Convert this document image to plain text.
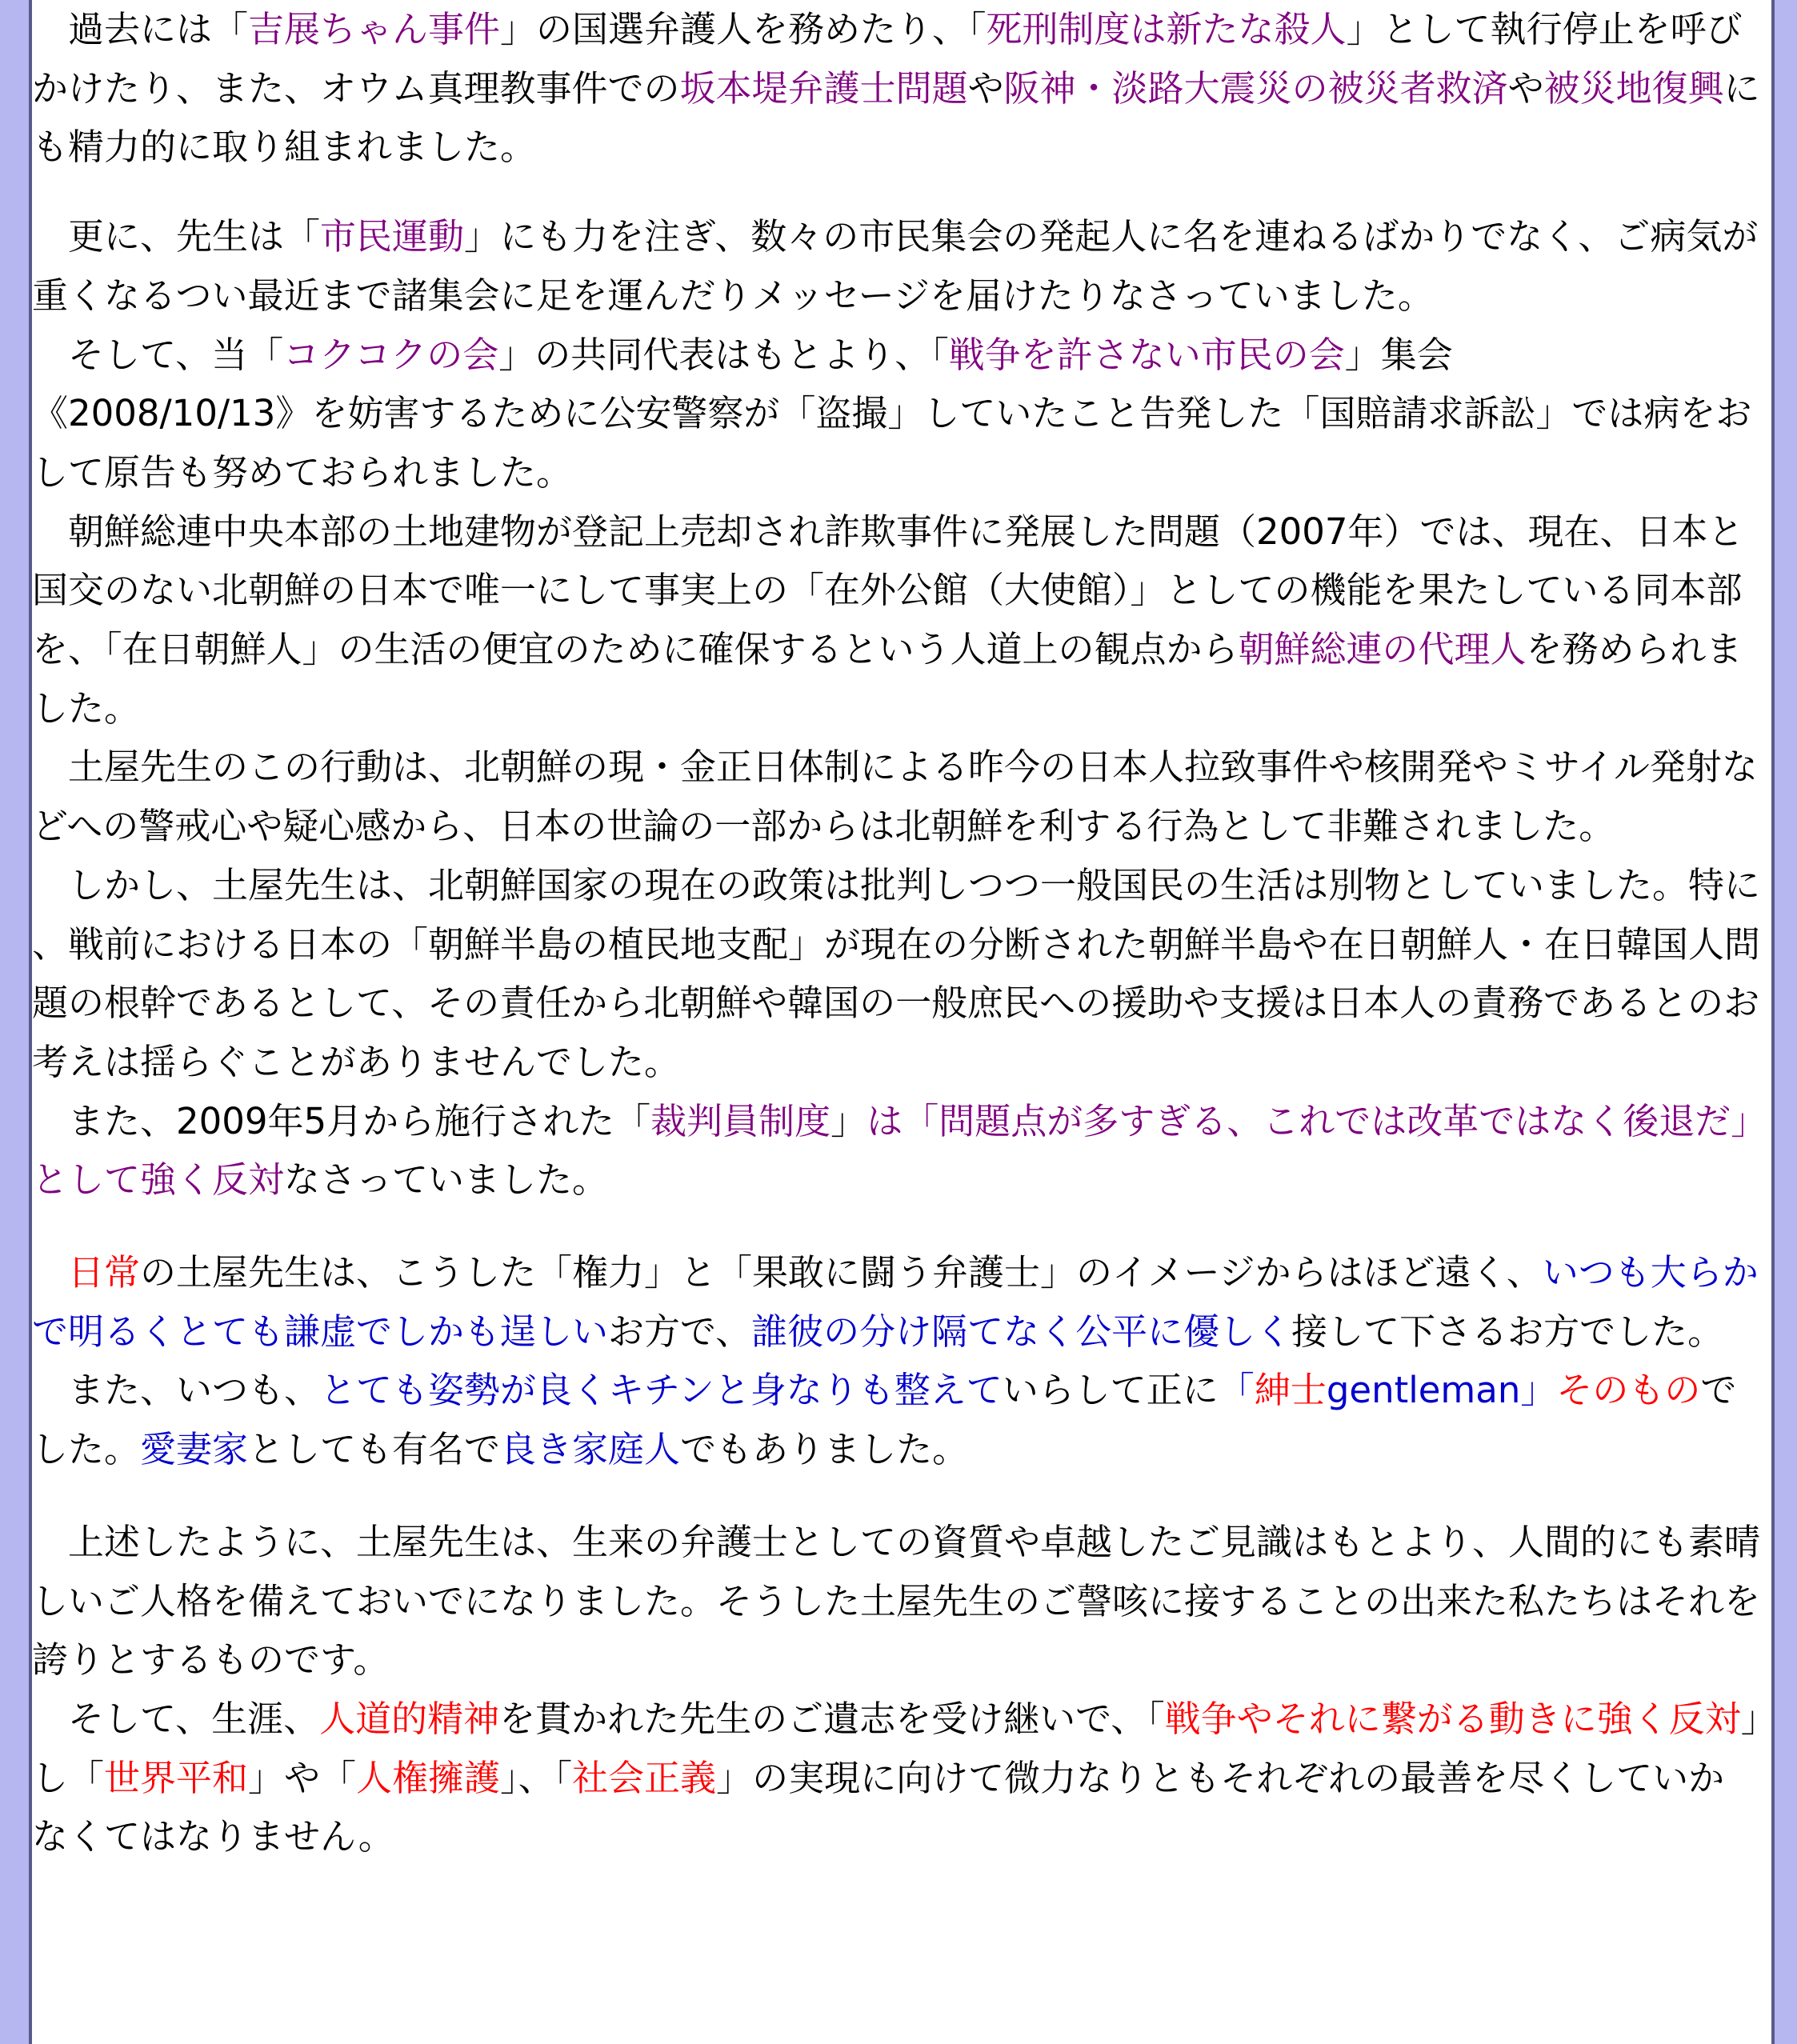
過去には「吉展ちゃん事件」の国選弁護人を務めたり、「死刑制度は新たな殺人」として執行停止を呼びかけたり、また、オウム真理教事件での坂本堤弁護士問題や阪神・淡路大震災の被災者救済や被災地復興にも精力的に取り組まれました。

更に、先生は「市民運動」にも力を注ぎ、数々の市民集会の発起人に名を連ねるばかりでなく、ご病気が重くなるつい最近まで諸集会に足を運んだりメッセージを届けたりなさっていました。

そして、当「コクコクの会」の共同代表はもとより、「戦争を許さない市民の会」集会
《2008/10/13》を妨害するために公安警察が「盗撮」していたこと告発した「国賠請求訴訟」では病をおして原告も努めておられました。

朝鮮総連中央本部の土地建物が登記上売却され詐欺事件に発展した問題（2007年）では、現在、日本と国交のない北朝鮮の日本で唯一にして事実上の「在外公館（大使館）」としての機能を果たしている同本部を、「在日朝鮮人」の生活の便宜のために確保するという人道上の観点から朝鮮総連の代理人を務められました。

土屋先生のこの行動は、北朝鮮の現・金正日体制による昨今の日本人拉致事件や核開発やミサイル発射などへの警戒心や疑心感から、日本の世論の一部からは北朝鮮を利する行為として非難されました。

しかし、土屋先生は、北朝鮮国家の現在の政策は批判しつつ一般国民の生活は別物としていました。特に、戦前における日本の「朝鮮半島の植民地支配」が現在の分断された朝鮮半島や在日朝鮮人・在日韓国人問題の根幹であるとして、その責任から北朝鮮や韓国の一般庶民への援助や支援は日本人の責務であるとのお考えは揺らぐことがありませんでした。

また、2009年5月から施行された「裁判員制度」は「問題点が多すぎる、これでは改革ではなく後退だ」として強く反対なさっていました。

日常の土屋先生は、こうした「権力」と「果敢に闘う弁護士」のイメージからはほど遠く、いつも大らかで明るくとても謙虚でしかも逞しいお方で、誰彼の分け隔てなく公平に優しく接して下さるお方でした。

また、いつも、とても姿勢が良くキチンと身なりも整えていらして正に「紳士gentleman」そのものでした。愛妻家としても有名で良き家庭人でもありました。

上述したように、土屋先生は、生来の弁護士としての資質や卓越したご見識はもとより、人間的にも素晴しいご人格を備えておいでになりました。そうした土屋先生のご謦咳に接することの出来た私たちはそれを誇りとするものです。

そして、生涯、人道的精神を貫かれた先生のご遺志を受け継いで、「戦争やそれに繋がる動きに強く反対」し「世界平和」や「人権擁護」、「社会正義」の実現に向けて微力なりともそれぞれの最善を尽くしていかなくてはなりません。
